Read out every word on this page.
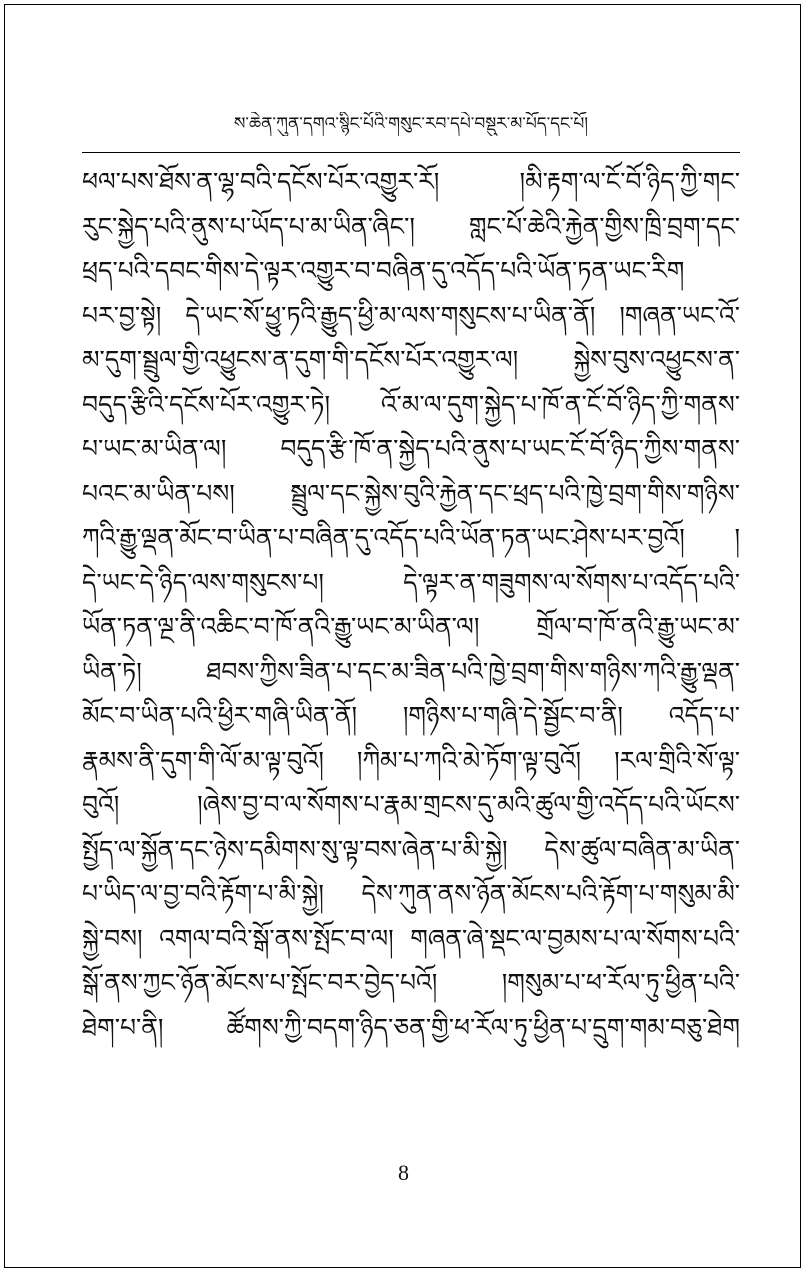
ས་ཆེན་ཀུན་དགའ་སྙིང་པོའི་གསུང་རབ་དཔེ་བསྡུར་མ་པོད་དང་པོ།
ཕལ་པས་ཐོས་ན་ལྷ་བའི་དངོས་པོར་འགྱུར་རོ། །མི་རྟག་ལ་ངོ་བོ་ཉིད་ཀྱི་གང་
རུང་སྐྱེད་པའི་ནུས་པ་ཡོད་པ་མ་ཡིན་ཞིང་། གླང་པོ་ཆེའི་རྐྱེན་གྱིས་ཁྲི་བྲག་དང་
ཕྲད་པའི་དབང་གིས་དེ་ལྟར་འགྱུར་བ་བཞིན་དུ་འདོད་པའི་ཡོན་ཏན་ཡང་རིག
པར་བྱ་སྟེ། དེ་ཡང་སོ་ཕྱུ་ཏའི་རྒྱུད་ཕྱི་མ་ལས་གསུངས་པ་ཡིན་ནོ། །གཞན་ཡང་འོ་
མ་དུག་སྦྲུལ་གྱི་འཕྱུངས་ན་དུག་གི་དངོས་པོར་འགྱུར་ལ། སྐྱེས་བུས་འཕྱུངས་ན་
བདུད་རྩིའི་དངོས་པོར་འགྱུར་ཏེ། འོ་མ་ལ་དུག་སྐྱེད་པ་ཁོ་ན་ངོ་བོ་ཉིད་ཀྱི་གནས་
པ་ཡང་མ་ཡིན་ལ། བདུད་རྩི་ཁོ་ན་སྐྱེད་པའི་ནུས་པ་ཡང་ངོ་བོ་ཉིད་ཀྱིས་གནས་
པའང་མ་ཡིན་པས། སྦྲུལ་དང་སྐྱེས་བུའི་རྐྱེན་དང་ཕྲད་པའི་ཁྱེ་བྲག་གིས་གཉིས་
ཀའི་རྒྱུ་ལྡན་མོང་བ་ཡིན་པ་བཞིན་དུ་འདོད་པའི་ཡོན་ཏན་ཡང་ཤེས་པར་བྱའོ། །
དེ་ཡང་དེ་ཉིད་ལས་གསུངས་པ། དེ་ལྟར་ན་གཟུགས་ལ་སོགས་པ་འདོད་པའི་
ཡོན་ཏན་ལྔ་ནི་འཆིང་བ་ཁོ་ནའི་རྒྱུ་ཡང་མ་ཡིན་ལ། གྲོལ་བ་ཁོ་ནའི་རྒྱུ་ཡང་མ་
ཡིན་ཏེ། ཐབས་ཀྱིས་ཟིན་པ་དང་མ་ཟིན་པའི་ཁྱེ་བྲག་གིས་གཉིས་ཀའི་རྒྱུ་ལྡན་
མོང་བ་ཡིན་པའི་ཕྱིར་གཞི་ཡིན་ནོ། །གཉིས་པ་གཞི་དེ་སྦྱོང་བ་ནི། འདོད་པ་
རྣམས་ནི་དུག་གི་ལོ་མ་ལྟ་བུའོ། །ཀིམ་པ་ཀའི་མེ་ཏོག་ལྟ་བུའོ། །རལ་གྲིའི་སོ་ལྟ་
བུའོ། །ཞེས་བྱ་བ་ལ་སོགས་པ་རྣམ་གྲངས་དུ་མའི་ཚུལ་གྱི་འདོད་པའི་ཡོངས་
སྤྱོད་ལ་སྐྱོན་དང་ཉེས་དམིགས་སུ་ལྟ་བས་ཞེན་པ་མི་སྐྱེ། དེས་ཚུལ་བཞིན་མ་ཡིན་
པ་ཡིད་ལ་བྱ་བའི་རྟོག་པ་མི་སྐྱེ། དེས་ཀུན་ནས་ཉོན་མོངས་པའི་རྟོག་པ་གསུམ་མི་
སྐྱེ་བས། འགལ་བའི་སྒོ་ནས་སྤོང་བ་ལ། གཞན་ཞེ་སྡང་ལ་བྱམས་པ་ལ་སོགས་པའི་
སྒོ་ནས་ཀྱང་ཉོན་མོངས་པ་སྤོང་བར་བྱེད་པའོ། །གསུམ་པ་ཕ་རོལ་ཏུ་ཕྱིན་པའི་
ཐེག་པ་ནི། ཚོགས་ཀྱི་བདག་ཉིད་ཅན་གྱི་ཕ་རོལ་ཏུ་ཕྱིན་པ་དྲུག་གམ་བཅུ་ཐེག
8
